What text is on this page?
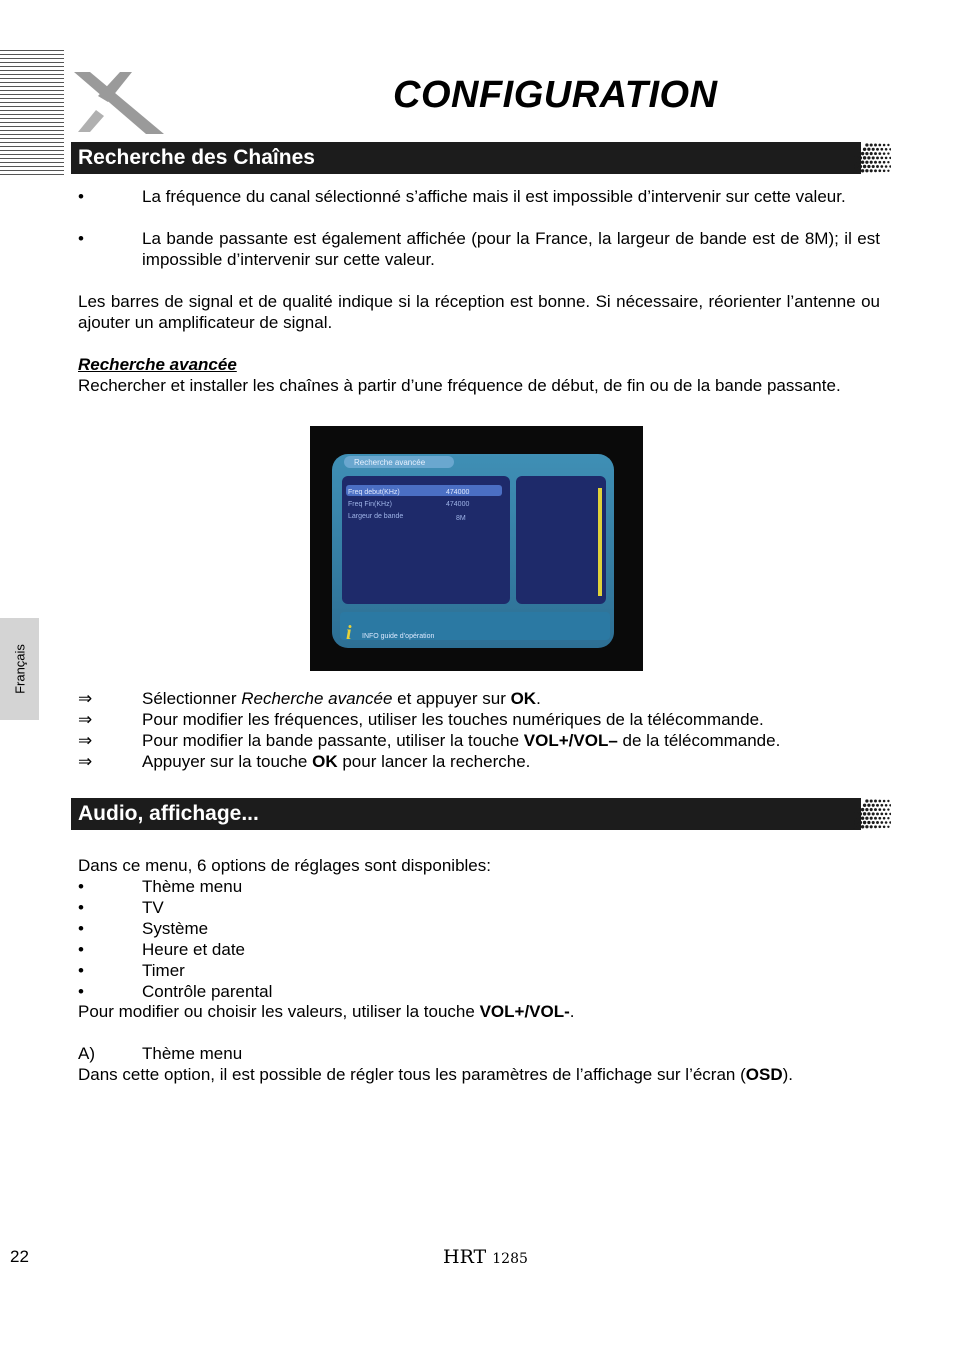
CONFIGURATION
Recherche des Chaînes
Français
•	La fréquence du canal sélectionné s’affiche mais il est impossible d’intervenir sur cette valeur.
•	La bande passante est également affichée (pour la France, la largeur de bande est de 8M); il est impossible d’intervenir sur cette valeur.
Les barres de signal et de qualité indique si la réception est bonne. Si nécessaire, réorienter l’antenne ou ajouter un amplificateur de signal.
Recherche avancée
Rechercher et installer les chaînes à partir d’une fréquence de début, de fin ou de la bande passante.
Recherche avancée
Freq debut(KHz)	474000
Freq Fin(KHz)	474000
Largeur de bande	8M
i INFO guide d’opération
⇒	Sélectionner Recherche avancée et appuyer sur OK.
⇒	Pour modifier les fréquences, utiliser les touches numériques de la télécommande.
⇒	Pour modifier la bande passante, utiliser la touche VOL+/VOL– de la télécommande.
⇒	Appuyer sur la touche OK pour lancer la recherche.
Audio, affichage...
Dans ce menu, 6 options de réglages sont disponibles:
•	Thème menu
•	TV
•	Système
•	Heure et date
•	Timer
•	Contrôle parental
Pour modifier ou choisir les valeurs, utiliser la touche VOL+/VOL-.
A)	Thème menu
Dans cette option, il est possible de régler tous les paramètres de l’affichage sur l’écran (OSD).
22	HRT 1285
